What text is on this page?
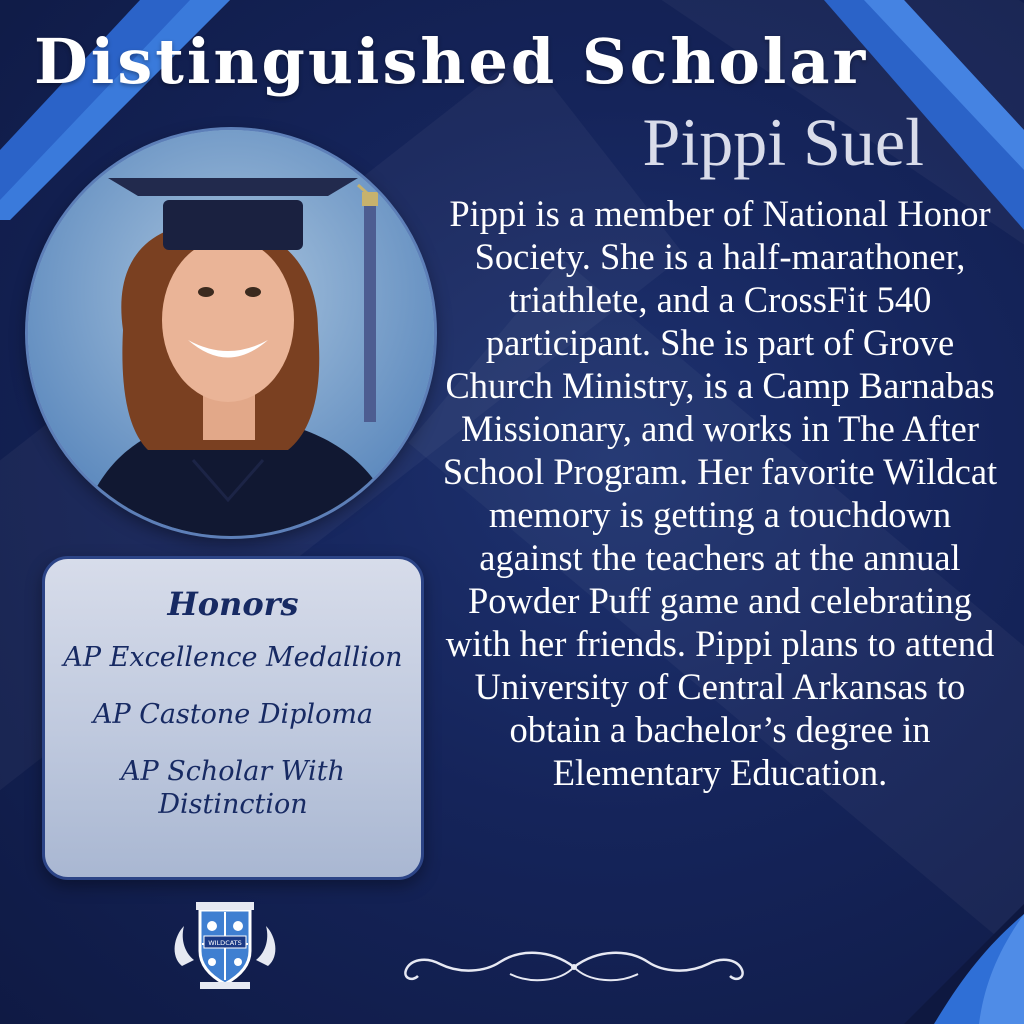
Distinguished Scholar
Pippi Suel
Pippi is a member of National Honor Society. She is a half-marathoner, triathlete, and a CrossFit 540 participant. She is part of Grove Church Ministry, is a Camp Barnabas Missionary, and works in The After School Program. Her favorite Wildcat memory is getting a touchdown against the teachers at the annual Powder Puff game and celebrating with her friends. Pippi plans to attend University of Central Arkansas to obtain a bachelor’s degree in Elementary Education.
Honors
AP Excellence Medallion
AP Castone Diploma
AP Scholar With Distinction
WILDCATS
